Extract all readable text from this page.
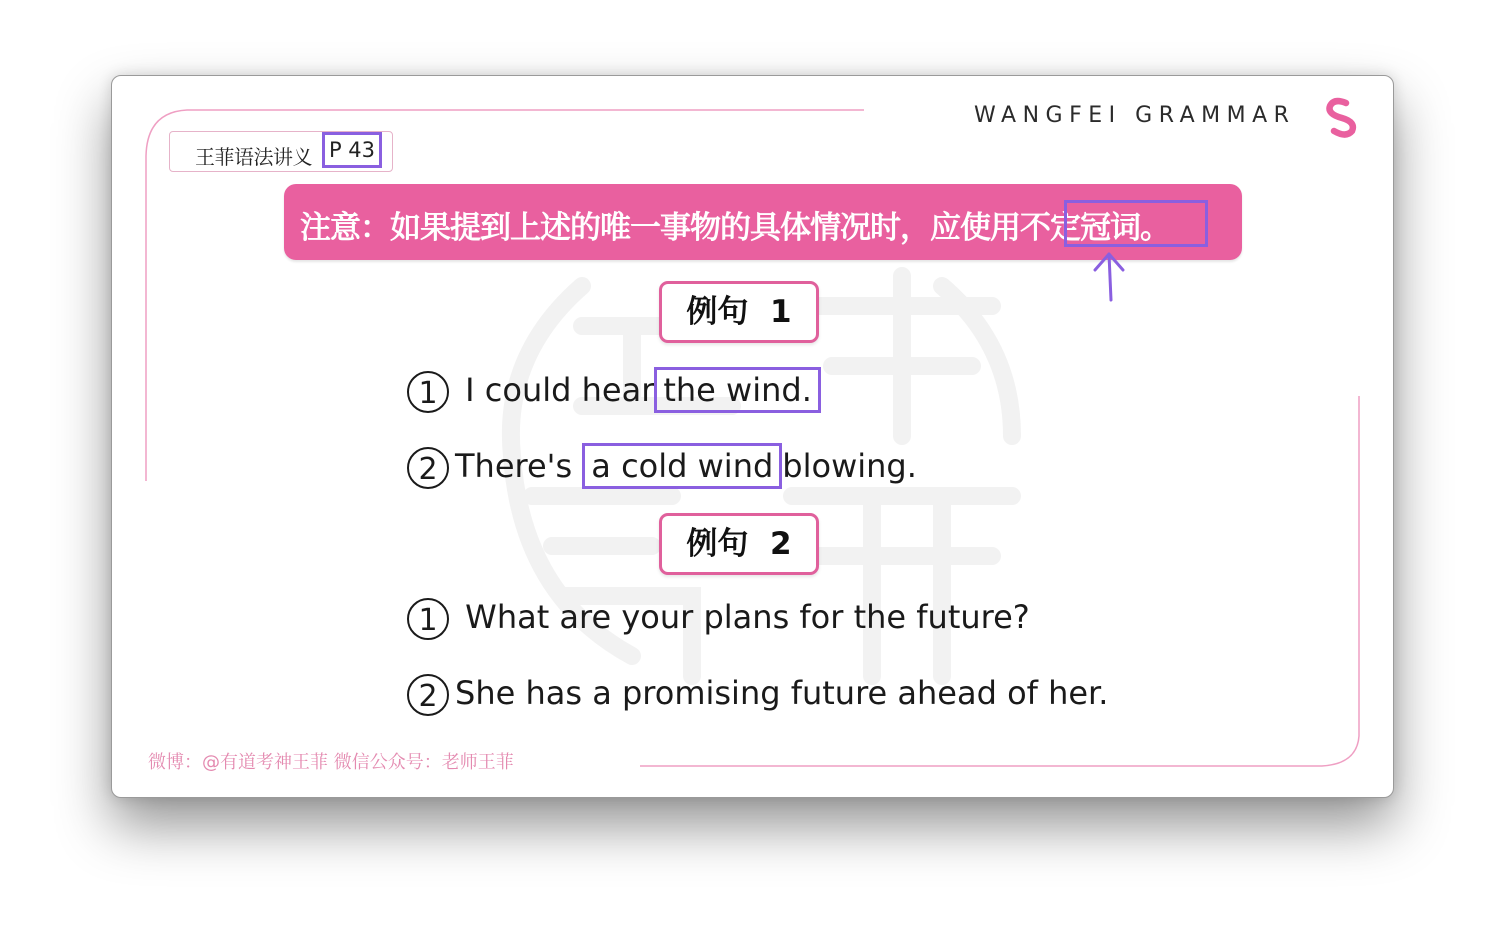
王菲语法讲义 P 43
WANGFEI GRAMMAR
注意：如果提到上述的唯一事物的具体情况时，应使用不定冠词。
例句 1
1 I could hear the wind.
2 There's a cold wind blowing.
例句 2
1 What are your plans for the future?
2 She has a promising future ahead of her.
微博：@有道考神王菲 微信公众号：老师王菲
